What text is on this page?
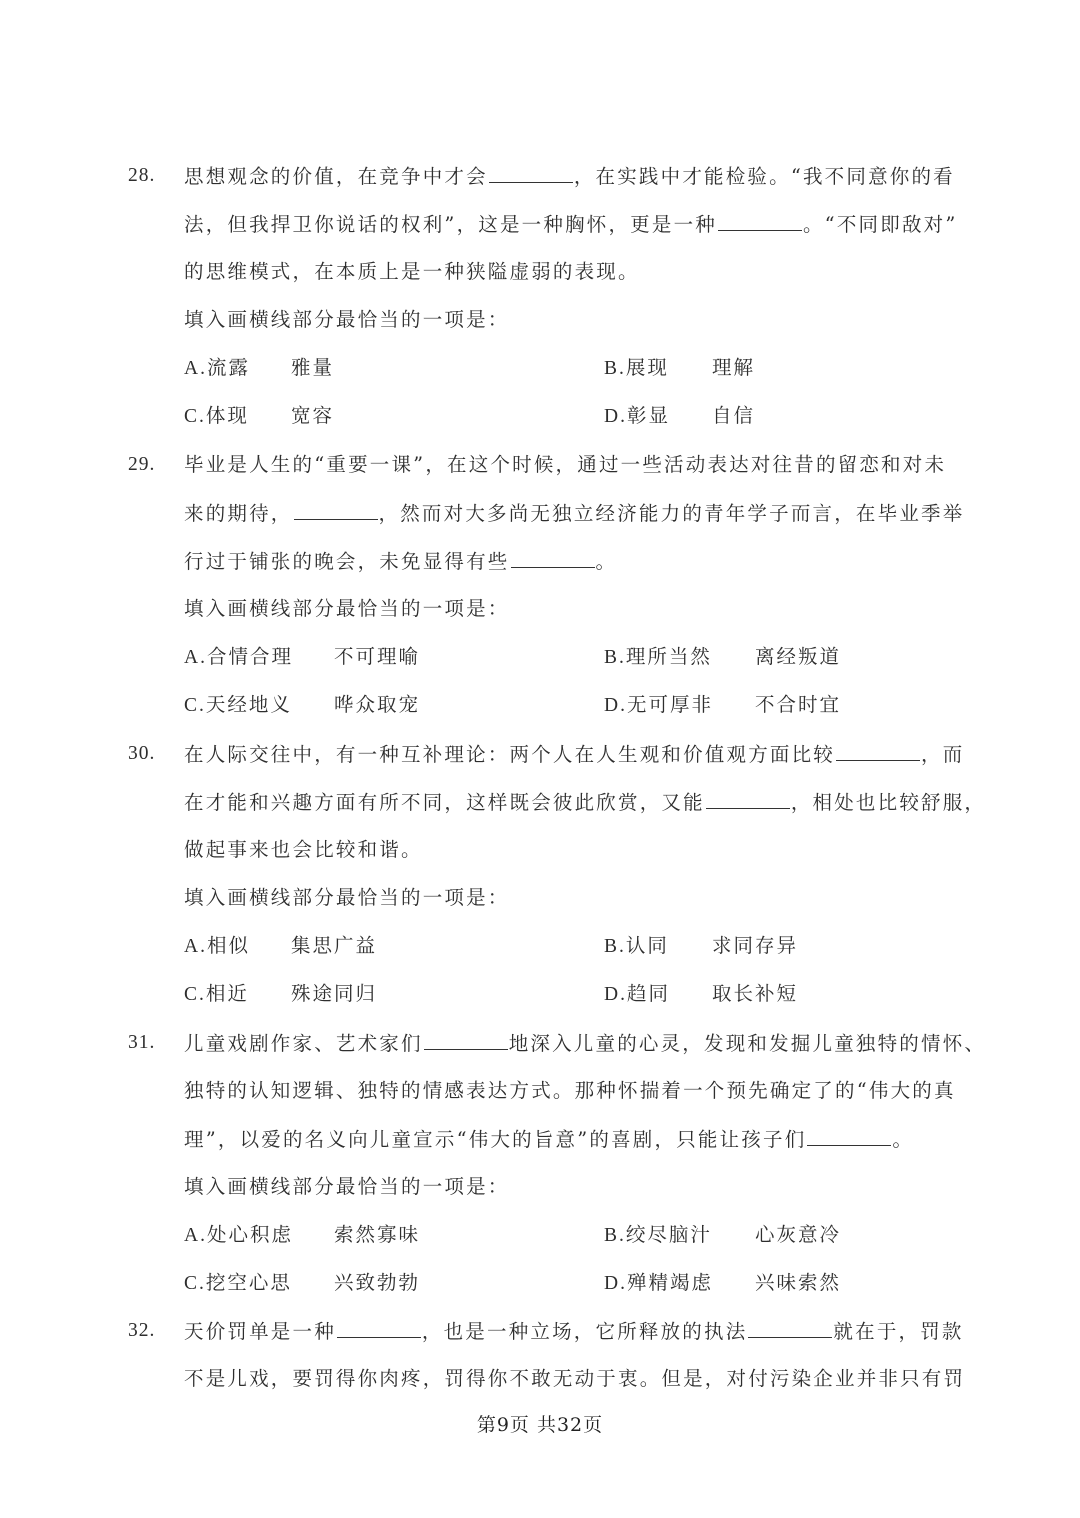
28. 思想观念的价值，在竞争中才会	，在实践中才能检验。“我不同意你的看
法，但我捍卫你说话的权利”，这是一种胸怀，更是一种	。“不同即敌对”
的思维模式，在本质上是一种狭隘虚弱的表现。
填入画横线部分最恰当的一项是：
A.流露 雅量	B.展现 理解
C.体现 宽容	D.彰显 自信
29. 毕业是人生的“重要一课”，在这个时候，通过一些活动表达对往昔的留恋和对未
来的期待，	，然而对大多尚无独立经济能力的青年学子而言，在毕业季举
行过于铺张的晚会，未免显得有些	。
填入画横线部分最恰当的一项是：
A.合情合理 不可理喻	B.理所当然 离经叛道
C.天经地义 哗众取宠	D.无可厚非 不合时宜
30. 在人际交往中，有一种互补理论：两个人在人生观和价值观方面比较	，而
在才能和兴趣方面有所不同，这样既会彼此欣赏，又能	，相处也比较舒服，
做起事来也会比较和谐。
填入画横线部分最恰当的一项是：
A.相似 集思广益	B.认同 求同存异
C.相近 殊途同归	D.趋同 取长补短
31. 儿童戏剧作家、艺术家们	地深入儿童的心灵，发现和发掘儿童独特的情怀、
独特的认知逻辑、独特的情感表达方式。那种怀揣着一个预先确定了的“伟大的真
理”，以爱的名义向儿童宣示“伟大的旨意”的喜剧，只能让孩子们	。
填入画横线部分最恰当的一项是：
A.处心积虑 索然寡味	B.绞尽脑汁 心灰意冷
C.挖空心思 兴致勃勃	D.殚精竭虑 兴味索然
32. 天价罚单是一种	，也是一种立场，它所释放的执法	就在于，罚款
不是儿戏，要罚得你肉疼，罚得你不敢无动于衷。但是，对付污染企业并非只有罚
第9页 共32页
